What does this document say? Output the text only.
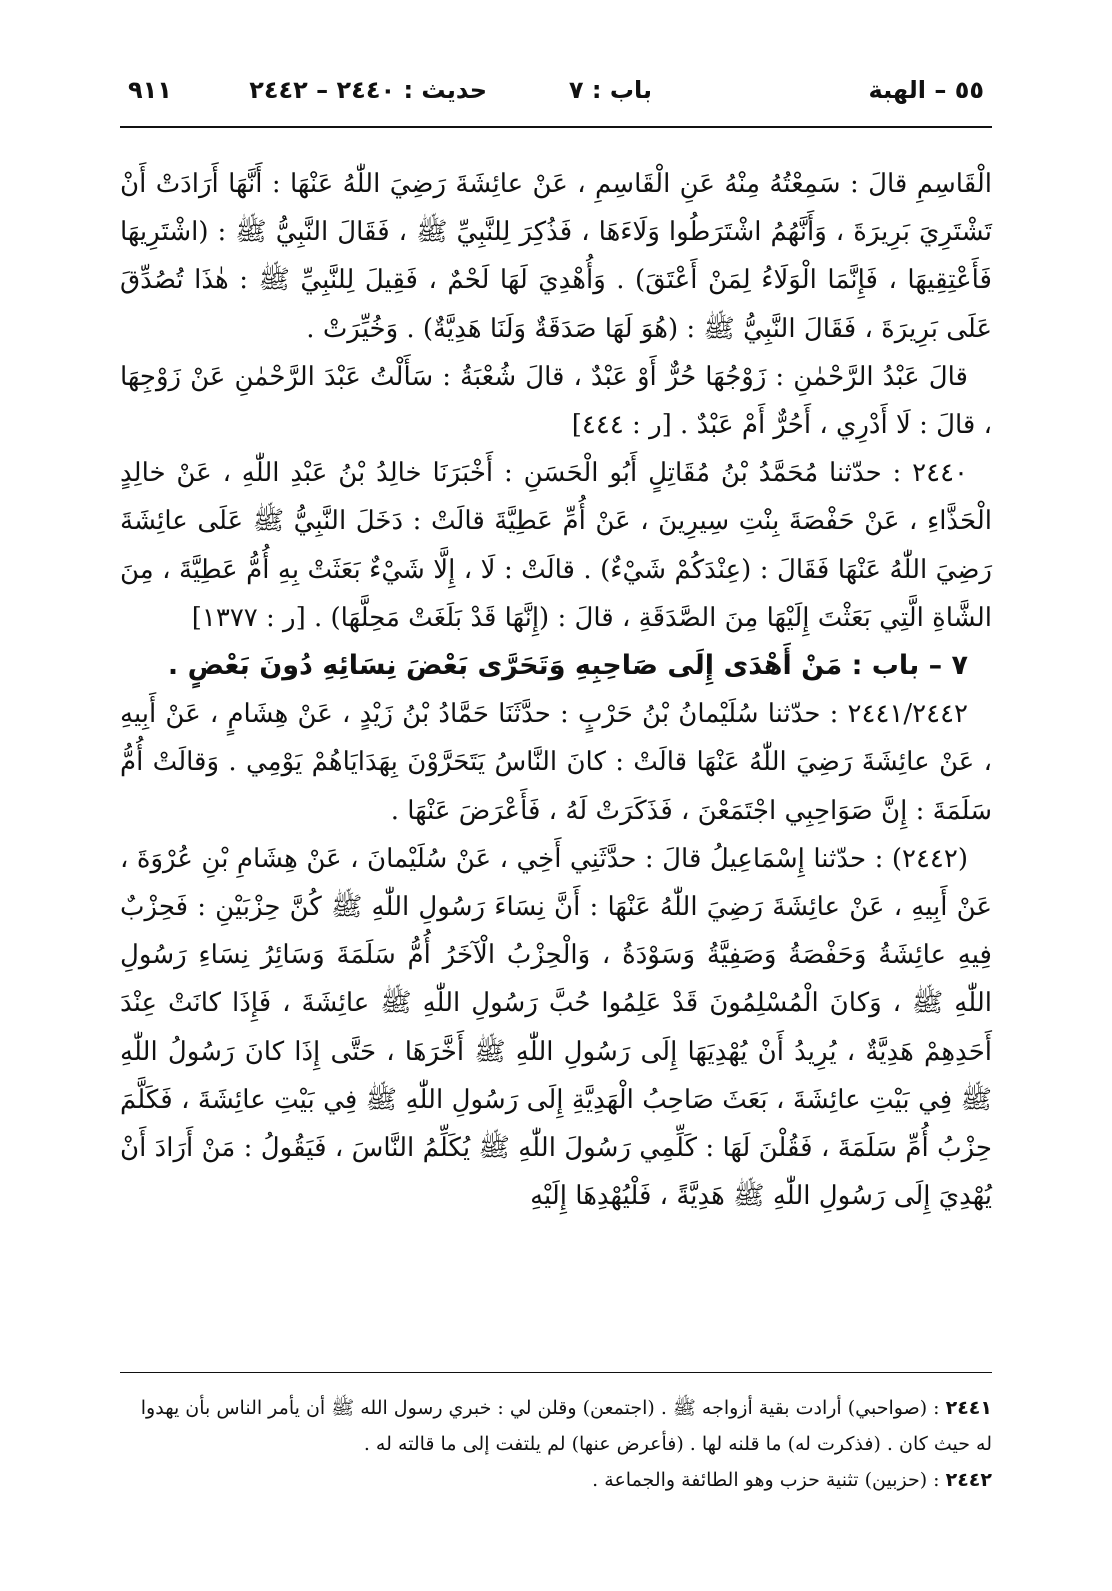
٥٥ – الهبة
باب : ٧
حديث : ٢٤٤٠ – ٢٤٤٢
٩١١

الْقَاسِمِ قالَ : سَمِعْتُهُ مِنْهُ عَنِ الْقَاسِمِ ، عَنْ عائِشَةَ رَضِيَ اللّٰهُ عَنْهَا : أَنَّهَا أَرَادَتْ أَنْ تَشْتَرِيَ بَرِيرَةَ ، وَأَنَّهُمُ اشْتَرَطُوا وَلَاءَهَا ، فَذُكِرَ لِلنَّبِيِّ ﷺ ، فَقَالَ النَّبِيُّ ﷺ : (اشْتَرِيهَا فَأَعْتِقِيهَا ، فَإِنَّمَا الْوَلَاءُ لِمَنْ أَعْتَقَ) . وَأُهْدِيَ لَهَا لَحْمٌ ، فَقِيلَ لِلنَّبِيِّ ﷺ : هٰذَا تُصُدِّقَ عَلَى بَرِيرَةَ ، فَقَالَ النَّبِيُّ ﷺ : (هُوَ لَهَا صَدَقَةٌ وَلَنَا هَدِيَّةٌ) . وَخُيِّرَتْ .

قالَ عَبْدُ الرَّحْمٰنِ : زَوْجُهَا حُرٌّ أَوْ عَبْدٌ ، قالَ شُعْبَةُ : سَأَلْتُ عَبْدَ الرَّحْمٰنِ عَنْ زَوْجِهَا ، قالَ : لَا أَدْرِي ، أَحُرٌّ أَمْ عَبْدٌ . [ر : ٤٤٤]

٢٤٤٠ : حدّثنا مُحَمَّدُ بْنُ مُقَاتِلٍ أَبُو الْحَسَنِ : أَخْبَرَنَا خالِدُ بْنُ عَبْدِ اللّٰهِ ، عَنْ خالِدٍ الْحَذَّاءِ ، عَنْ حَفْصَةَ بِنْتِ سِيرِينَ ، عَنْ أُمِّ عَطِيَّةَ قالَتْ : دَخَلَ النَّبِيُّ ﷺ عَلَى عائِشَةَ رَضِيَ اللّٰهُ عَنْهَا فَقَالَ : (عِنْدَكُمْ شَيْءٌ) . قالَتْ : لَا ، إِلَّا شَيْءٌ بَعَثَتْ بِهِ أُمُّ عَطِيَّةَ ، مِنَ الشَّاةِ الَّتِي بَعَثْتَ إِلَيْهَا مِنَ الصَّدَقَةِ ، قالَ : (إِنَّهَا قَدْ بَلَغَتْ مَحِلَّهَا) . [ر : ١٣٧٧]

٧ – باب : مَنْ أَهْدَى إِلَى صَاحِبِهِ وَتَحَرَّى بَعْضَ نِسَائِهِ دُونَ بَعْضٍ .

٢٤٤١/٢٤٤٢ : حدّثنا سُلَيْمانُ بْنُ حَرْبٍ : حدَّثَنَا حَمَّادُ بْنُ زَيْدٍ ، عَنْ هِشَامٍ ، عَنْ أَبِيهِ ، عَنْ عائِشَةَ رَضِيَ اللّٰهُ عَنْهَا قالَتْ : كانَ النَّاسُ يَتَحَرَّوْنَ بِهَدَايَاهُمْ يَوْمِي . وَقالَتْ أُمُّ سَلَمَةَ : إِنَّ صَوَاحِبِي اجْتَمَعْنَ ، فَذَكَرَتْ لَهُ ، فَأَعْرَضَ عَنْهَا .

(٢٤٤٢) : حدّثنا إِسْمَاعِيلُ قالَ : حدَّثَنِي أَخِي ، عَنْ سُلَيْمانَ ، عَنْ هِشَامِ بْنِ عُرْوَةَ ، عَنْ أَبِيهِ ، عَنْ عائِشَةَ رَضِيَ اللّٰهُ عَنْهَا : أَنَّ نِسَاءَ رَسُولِ اللّٰهِ ﷺ كُنَّ حِزْبَيْنِ : فَحِزْبٌ فِيهِ عائِشَةُ وَحَفْصَةُ وَصَفِيَّةُ وَسَوْدَةُ ، وَالْحِزْبُ الْآخَرُ أُمُّ سَلَمَةَ وَسَائِرُ نِسَاءِ رَسُولِ اللّٰهِ ﷺ ، وَكانَ الْمُسْلِمُونَ قَدْ عَلِمُوا حُبَّ رَسُولِ اللّٰهِ ﷺ عائِشَةَ ، فَإِذَا كانَتْ عِنْدَ أَحَدِهِمْ هَدِيَّةٌ ، يُرِيدُ أَنْ يُهْدِيَهَا إِلَى رَسُولِ اللّٰهِ ﷺ أَخَّرَهَا ، حَتَّى إِذَا كانَ رَسُولُ اللّٰهِ ﷺ فِي بَيْتِ عائِشَةَ ، بَعَثَ صَاحِبُ الْهَدِيَّةِ إِلَى رَسُولِ اللّٰهِ ﷺ فِي بَيْتِ عائِشَةَ ، فَكَلَّمَ حِزْبُ أُمِّ سَلَمَةَ ، فَقُلْنَ لَهَا : كَلِّمِي رَسُولَ اللّٰهِ ﷺ يُكَلِّمُ النَّاسَ ، فَيَقُولُ : مَنْ أَرَادَ أَنْ يُهْدِيَ إِلَى رَسُولِ اللّٰهِ ﷺ هَدِيَّةً ، فَلْيُهْدِهَا إِلَيْهِ

٢٤٤١ : (صواحبي) أرادت بقية أزواجه ﷺ . (اجتمعن) وقلن لي : خبري رسول الله ﷺ أن يأمر الناس بأن يهدوا له حيث كان . (فذكرت له) ما قلنه لها . (فأعرض عنها) لم يلتفت إلى ما قالته له .

٢٤٤٢ : (حزبين) تثنية حزب وهو الطائفة والجماعة .
